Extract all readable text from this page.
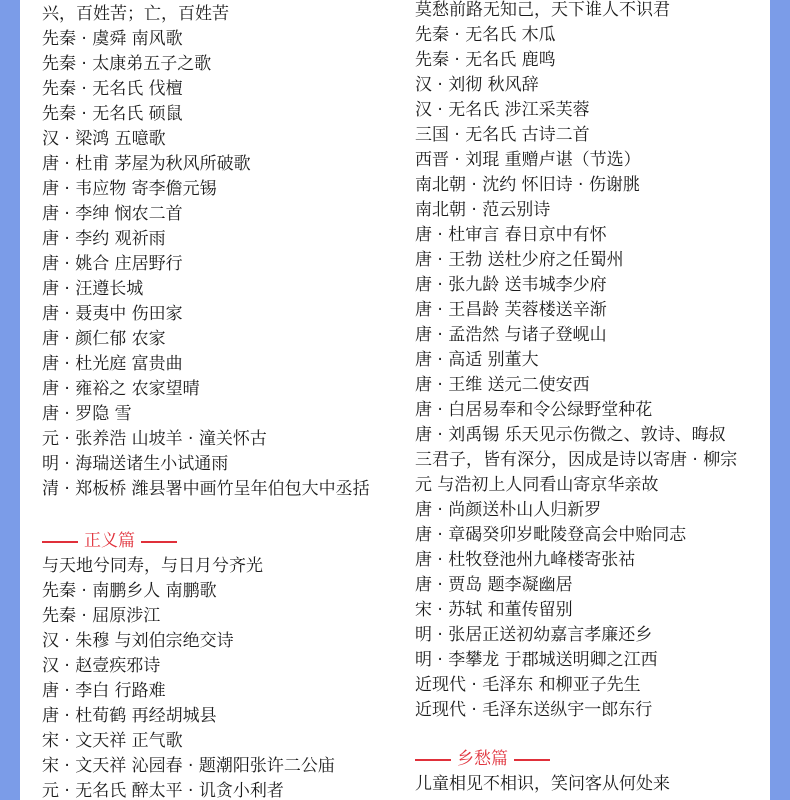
兴，百姓苦；亡，百姓苦
先秦 · 虞舜 南风歌
先秦 · 太康弟五子之歌
先秦 · 无名氏 伐檀
先秦 · 无名氏 硕鼠
汉 · 梁鸿 五噫歌
唐 · 杜甫 茅屋为秋风所破歌
唐 · 韦应物 寄李儋元锡
唐 · 李绅 悯农二首
唐 · 李约 观祈雨
唐 · 姚合 庄居野行
唐 · 汪遵长城
唐 · 聂夷中 伤田家
唐 · 颜仁郁 农家
唐 · 杜光庭 富贵曲
唐 · 雍裕之 农家望晴
唐 · 罗隐 雪
元 · 张养浩 山坡羊 · 潼关怀古
明 · 海瑞送诸生小试通雨
清 · 郑板桥 潍县署中画竹呈年伯包大中丞括
正义篇
与天地兮同寿，与日月兮齐光
先秦 · 南鹏乡人 南鹏歌
先秦 · 屈原涉江
汉 · 朱穆 与刘伯宗绝交诗
汉 · 赵壹疾邪诗
唐 · 李白 行路难
唐 · 杜荀鹤 再经胡城县
宋 · 文天祥 正气歌
宋 · 文天祥 沁园春 · 题潮阳张许二公庙
元 · 无名氏 醉太平 · 讥贪小利者
莫愁前路无知己，天下谁人不识君
先秦 · 无名氏 木瓜
先秦 · 无名氏 鹿鸣
汉 · 刘彻 秋风辞
汉 · 无名氏 涉江采芙蓉
三国 · 无名氏 古诗二首
西晋 · 刘琨 重赠卢谌（节选）
南北朝 · 沈约 怀旧诗 · 伤谢朓
南北朝 · 范云别诗
唐 · 杜审言 春日京中有怀
唐 · 王勃 送杜少府之任蜀州
唐 · 张九龄 送韦城李少府
唐 · 王昌龄 芙蓉楼送辛渐
唐 · 孟浩然 与诸子登岘山
唐 · 高适 别董大
唐 · 王维 送元二使安西
唐 · 白居易奉和令公绿野堂种花
唐 · 刘禹锡 乐天见示伤微之、敦诗、晦叔
三君子，皆有深分，因成是诗以寄唐 · 柳宗
元 与浩初上人同看山寄京华亲故
唐 · 尚颜送朴山人归新罗
唐 · 章碣癸卯岁毗陵登高会中贻同志
唐 · 杜牧登池州九峰楼寄张祜
唐 · 贾岛 题李凝幽居
宋 · 苏轼 和董传留别
明 · 张居正送初幼嘉言孝廉还乡
明 · 李攀龙 于郡城送明卿之江西
近现代 · 毛泽东 和柳亚子先生
近现代 · 毛泽东送纵宇一郎东行
乡愁篇
儿童相见不相识，笑问客从何处来
